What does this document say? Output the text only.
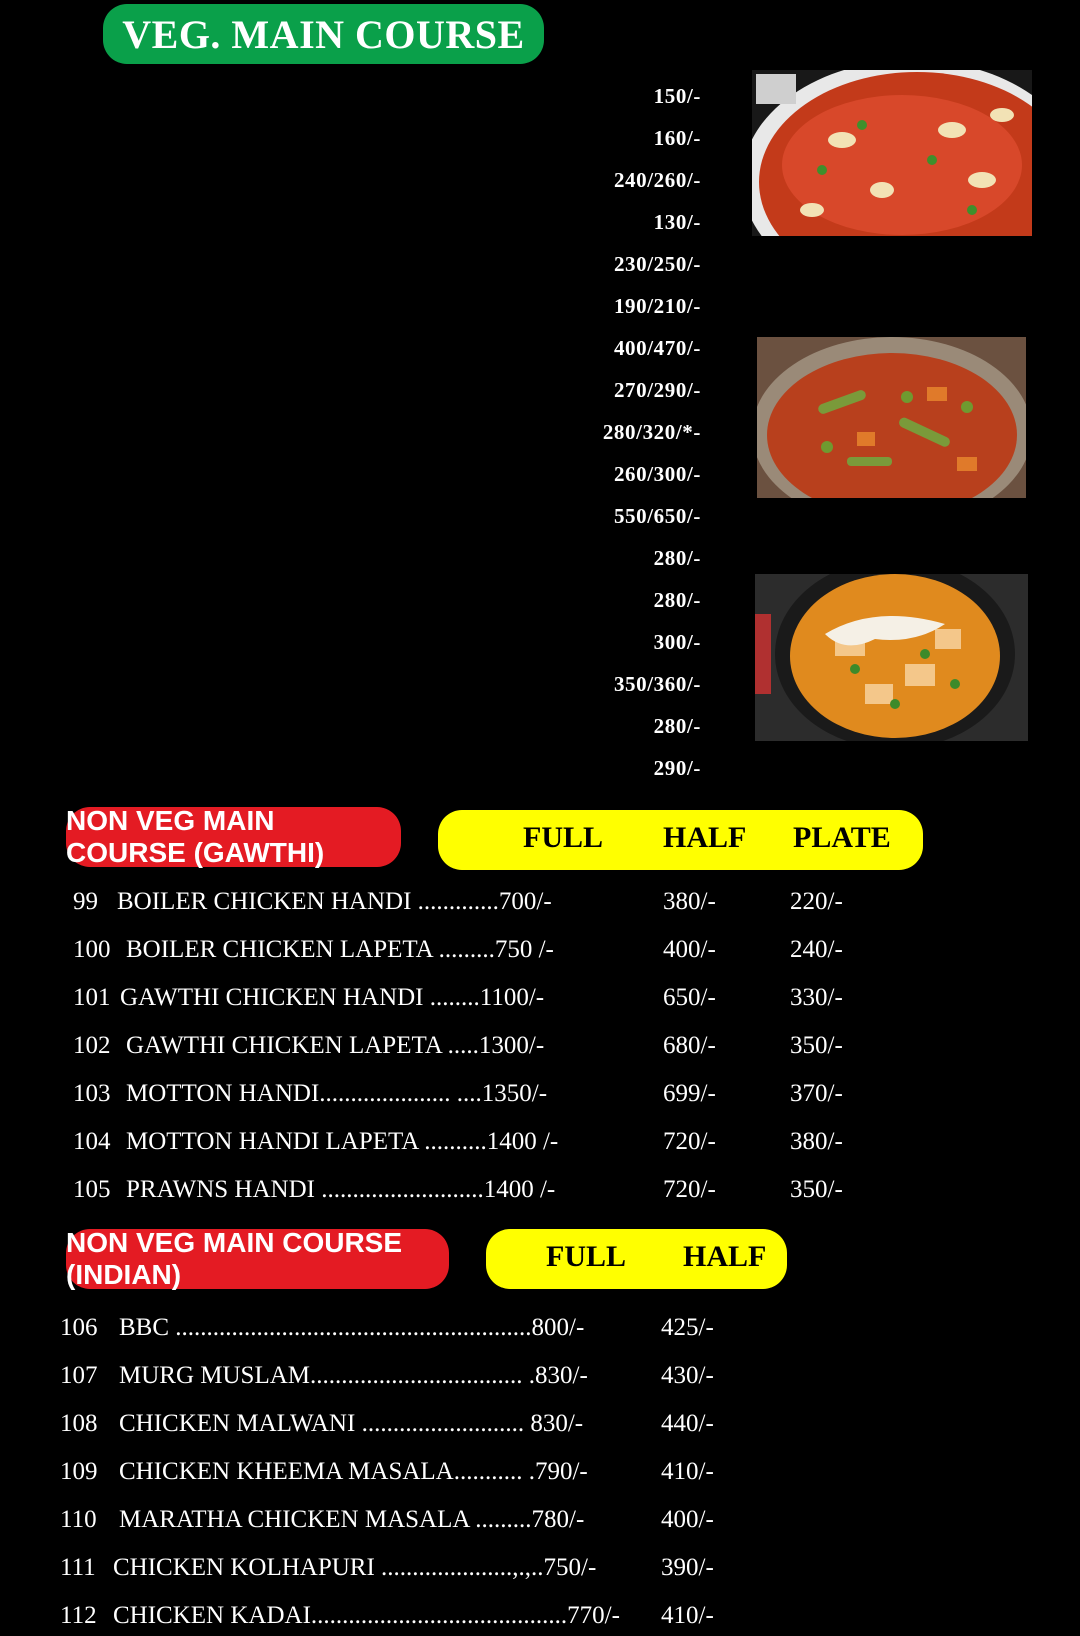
VEG. MAIN COURSE
150/-
160/-
240/260/-
130/-
230/250/-
190/210/-
400/470/-
270/290/-
280/320/*-
260/300/-
550/650/-
280/-
280/-
300/-
350/360/-
280/-
290/-
NON VEG MAIN COURSE (GAWTHI)	FULL HALF PLATE
99 BOILER CHICKEN HANDI .............700/-	380/-	220/-
100 BOILER CHICKEN LAPETA .........750 /-	400/-	240/-
101 GAWTHI CHICKEN HANDI ........1100/-	650/-	330/-
102 GAWTHI CHICKEN LAPETA .....1300/-	680/-	350/-
103 MOTTON HANDI..................... ....1350/-	699/-	370/-
104 MOTTON HANDI LAPETA ..........1400 /-	720/-	380/-
105 PRAWNS HANDI ..........................1400 /-	720/-	350/-
NON VEG MAIN COURSE (INDIAN)
FULL HALF
106 BBC .........................................................800/-	425/-
107 MURG MUSLAM.................................. .830/-	430/-
108 CHICKEN MALWANI .......................... 830/-	440/-
109 CHICKEN KHEEMA MASALA........... .790/-	410/-
110 MARATHA CHICKEN MASALA .........780/-	400/-
111 CHICKEN KOLHAPURI .....................,.,..750/-	390/-
112 CHICKEN KADAI.........................................770/- 410/-
